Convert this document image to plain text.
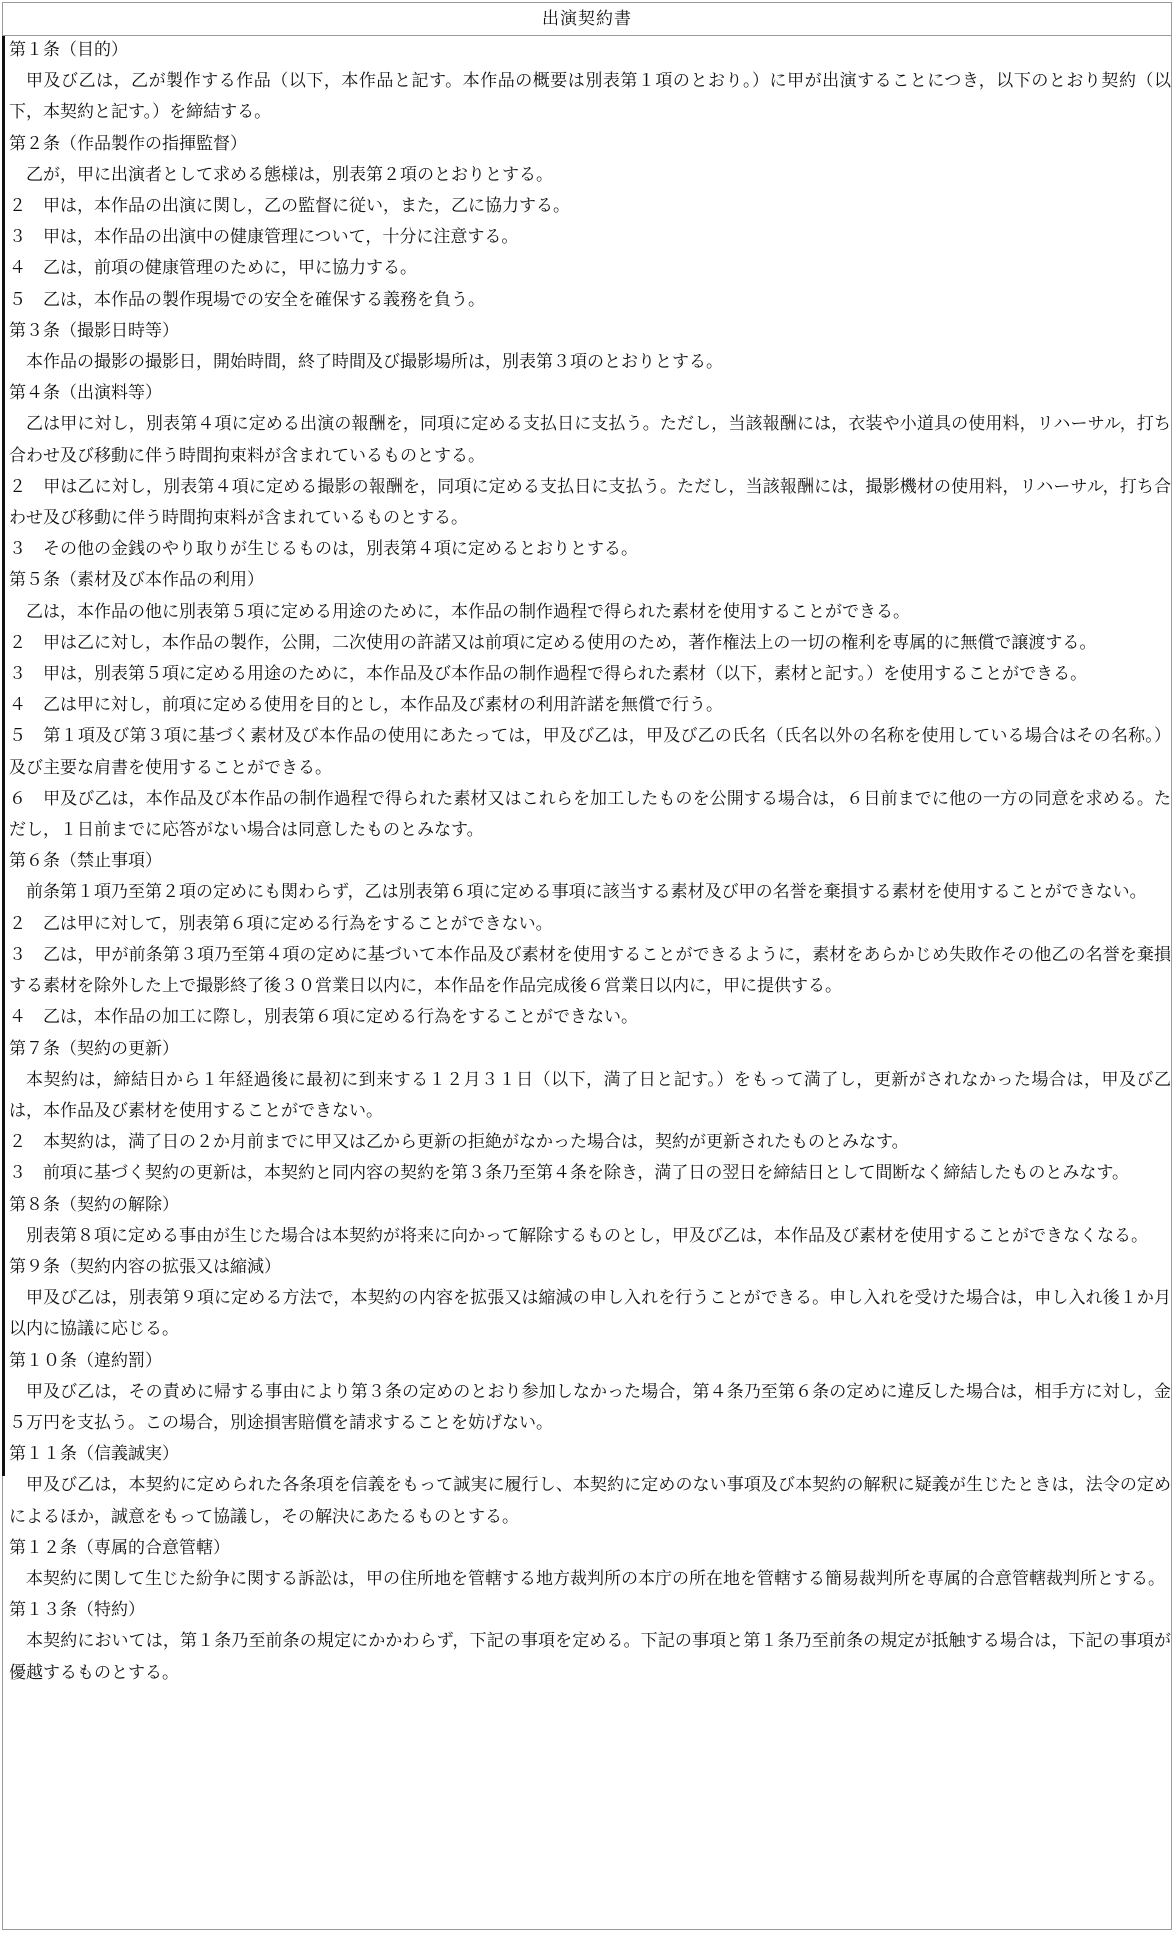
出演契約書
第１条（目的）
甲及び乙は，乙が製作する作品（以下，本作品と記す。本作品の概要は別表第１項のとおり。）に甲が出演することにつき，以下のとおり契約（以下，本契約と記す。）を締結する。
第２条（作品製作の指揮監督）
乙が，甲に出演者として求める態様は，別表第２項のとおりとする。
２　甲は，本作品の出演に関し，乙の監督に従い，また，乙に協力する。
３　甲は，本作品の出演中の健康管理について，十分に注意する。
４　乙は，前項の健康管理のために，甲に協力する。
５　乙は，本作品の製作現場での安全を確保する義務を負う。
第３条（撮影日時等）
本作品の撮影の撮影日，開始時間，終了時間及び撮影場所は，別表第３項のとおりとする。
第４条（出演料等）
乙は甲に対し，別表第４項に定める出演の報酬を，同項に定める支払日に支払う。ただし，当該報酬には，衣装や小道具の使用料，リハーサル，打ち合わせ及び移動に伴う時間拘束料が含まれているものとする。
２　甲は乙に対し，別表第４項に定める撮影の報酬を，同項に定める支払日に支払う。ただし，当該報酬には，撮影機材の使用料，リハーサル，打ち合わせ及び移動に伴う時間拘束料が含まれているものとする。
３　その他の金銭のやり取りが生じるものは，別表第４項に定めるとおりとする。
第５条（素材及び本作品の利用）
乙は，本作品の他に別表第５項に定める用途のために，本作品の制作過程で得られた素材を使用することができる。
２　甲は乙に対し，本作品の製作，公開，二次使用の許諾又は前項に定める使用のため，著作権法上の一切の権利を専属的に無償で譲渡する。
３　甲は，別表第５項に定める用途のために，本作品及び本作品の制作過程で得られた素材（以下，素材と記す。）を使用することができる。
４　乙は甲に対し，前項に定める使用を目的とし，本作品及び素材の利用許諾を無償で行う。
５　第１項及び第３項に基づく素材及び本作品の使用にあたっては，甲及び乙は，甲及び乙の氏名（氏名以外の名称を使用している場合はその名称。）及び主要な肩書を使用することができる。
６　甲及び乙は，本作品及び本作品の制作過程で得られた素材又はこれらを加工したものを公開する場合は，６日前までに他の一方の同意を求める。ただし，１日前までに応答がない場合は同意したものとみなす。
第６条（禁止事項）
前条第１項乃至第２項の定めにも関わらず，乙は別表第６項に定める事項に該当する素材及び甲の名誉を棄損する素材を使用することができない。
２　乙は甲に対して，別表第６項に定める行為をすることができない。
３　乙は，甲が前条第３項乃至第４項の定めに基づいて本作品及び素材を使用することができるように，素材をあらかじめ失敗作その他乙の名誉を棄損する素材を除外した上で撮影終了後３０営業日以内に，本作品を作品完成後６営業日以内に，甲に提供する。
４　乙は，本作品の加工に際し，別表第６項に定める行為をすることができない。
第７条（契約の更新）
本契約は，締結日から１年経過後に最初に到来する１２月３１日（以下，満了日と記す。）をもって満了し，更新がされなかった場合は，甲及び乙は，本作品及び素材を使用することができない。
２　本契約は，満了日の２か月前までに甲又は乙から更新の拒絶がなかった場合は，契約が更新されたものとみなす。
３　前項に基づく契約の更新は，本契約と同内容の契約を第３条乃至第４条を除き，満了日の翌日を締結日として間断なく締結したものとみなす。
第８条（契約の解除）
別表第８項に定める事由が生じた場合は本契約が将来に向かって解除するものとし，甲及び乙は，本作品及び素材を使用することができなくなる。
第９条（契約内容の拡張又は縮減）
甲及び乙は，別表第９項に定める方法で，本契約の内容を拡張又は縮減の申し入れを行うことができる。申し入れを受けた場合は，申し入れ後１か月以内に協議に応じる。
第１０条（違約罰）
甲及び乙は，その責めに帰する事由により第３条の定めのとおり参加しなかった場合，第４条乃至第６条の定めに違反した場合は，相手方に対し，金５万円を支払う。この場合，別途損害賠償を請求することを妨げない。
第１１条（信義誠実）
甲及び乙は，本契約に定められた各条項を信義をもって誠実に履行し、本契約に定めのない事項及び本契約の解釈に疑義が生じたときは，法令の定めによるほか，誠意をもって協議し，その解決にあたるものとする。
第１２条（専属的合意管轄）
本契約に関して生じた紛争に関する訴訟は，甲の住所地を管轄する地方裁判所の本庁の所在地を管轄する簡易裁判所を専属的合意管轄裁判所とする。
第１３条（特約）
本契約においては，第１条乃至前条の規定にかかわらず，下記の事項を定める。下記の事項と第１条乃至前条の規定が抵触する場合は，下記の事項が優越するものとする。
